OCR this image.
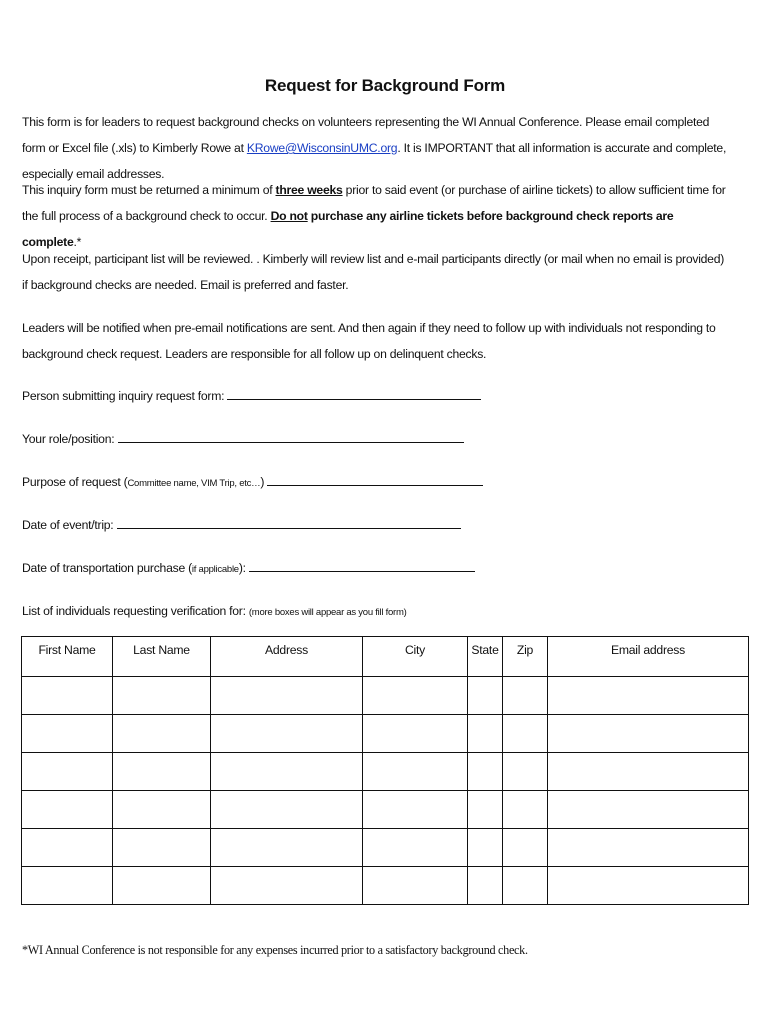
Request for Background Form
This form is for leaders to request background checks on volunteers representing the WI Annual Conference. Please email completed form or Excel file (.xls) to Kimberly Rowe at KRowe@WisconsinUMC.org. It is IMPORTANT that all information is accurate and complete, especially email addresses.
This inquiry form must be returned a minimum of three weeks prior to said event (or purchase of airline tickets) to allow sufficient time for the full process of a background check to occur. Do not purchase any airline tickets before background check reports are complete.*
Upon receipt, participant list will be reviewed. . Kimberly will review list and e-mail participants directly (or mail when no email is provided) if background checks are needed. Email is preferred and faster.
Leaders will be notified when pre-email notifications are sent. And then again if they need to follow up with individuals not responding to background check request. Leaders are responsible for all follow up on delinquent checks.
Person submitting inquiry request form:
Your role/position:
Purpose of request (Committee name, VIM Trip, etc…)
Date of event/trip:
Date of transportation purchase (if applicable):
List of individuals requesting verification for: (more boxes will appear as you fill form)
First Name	Last Name	Address	City	State	Zip	Email address

*WI Annual Conference is not responsible for any expenses incurred prior to a satisfactory background check.
